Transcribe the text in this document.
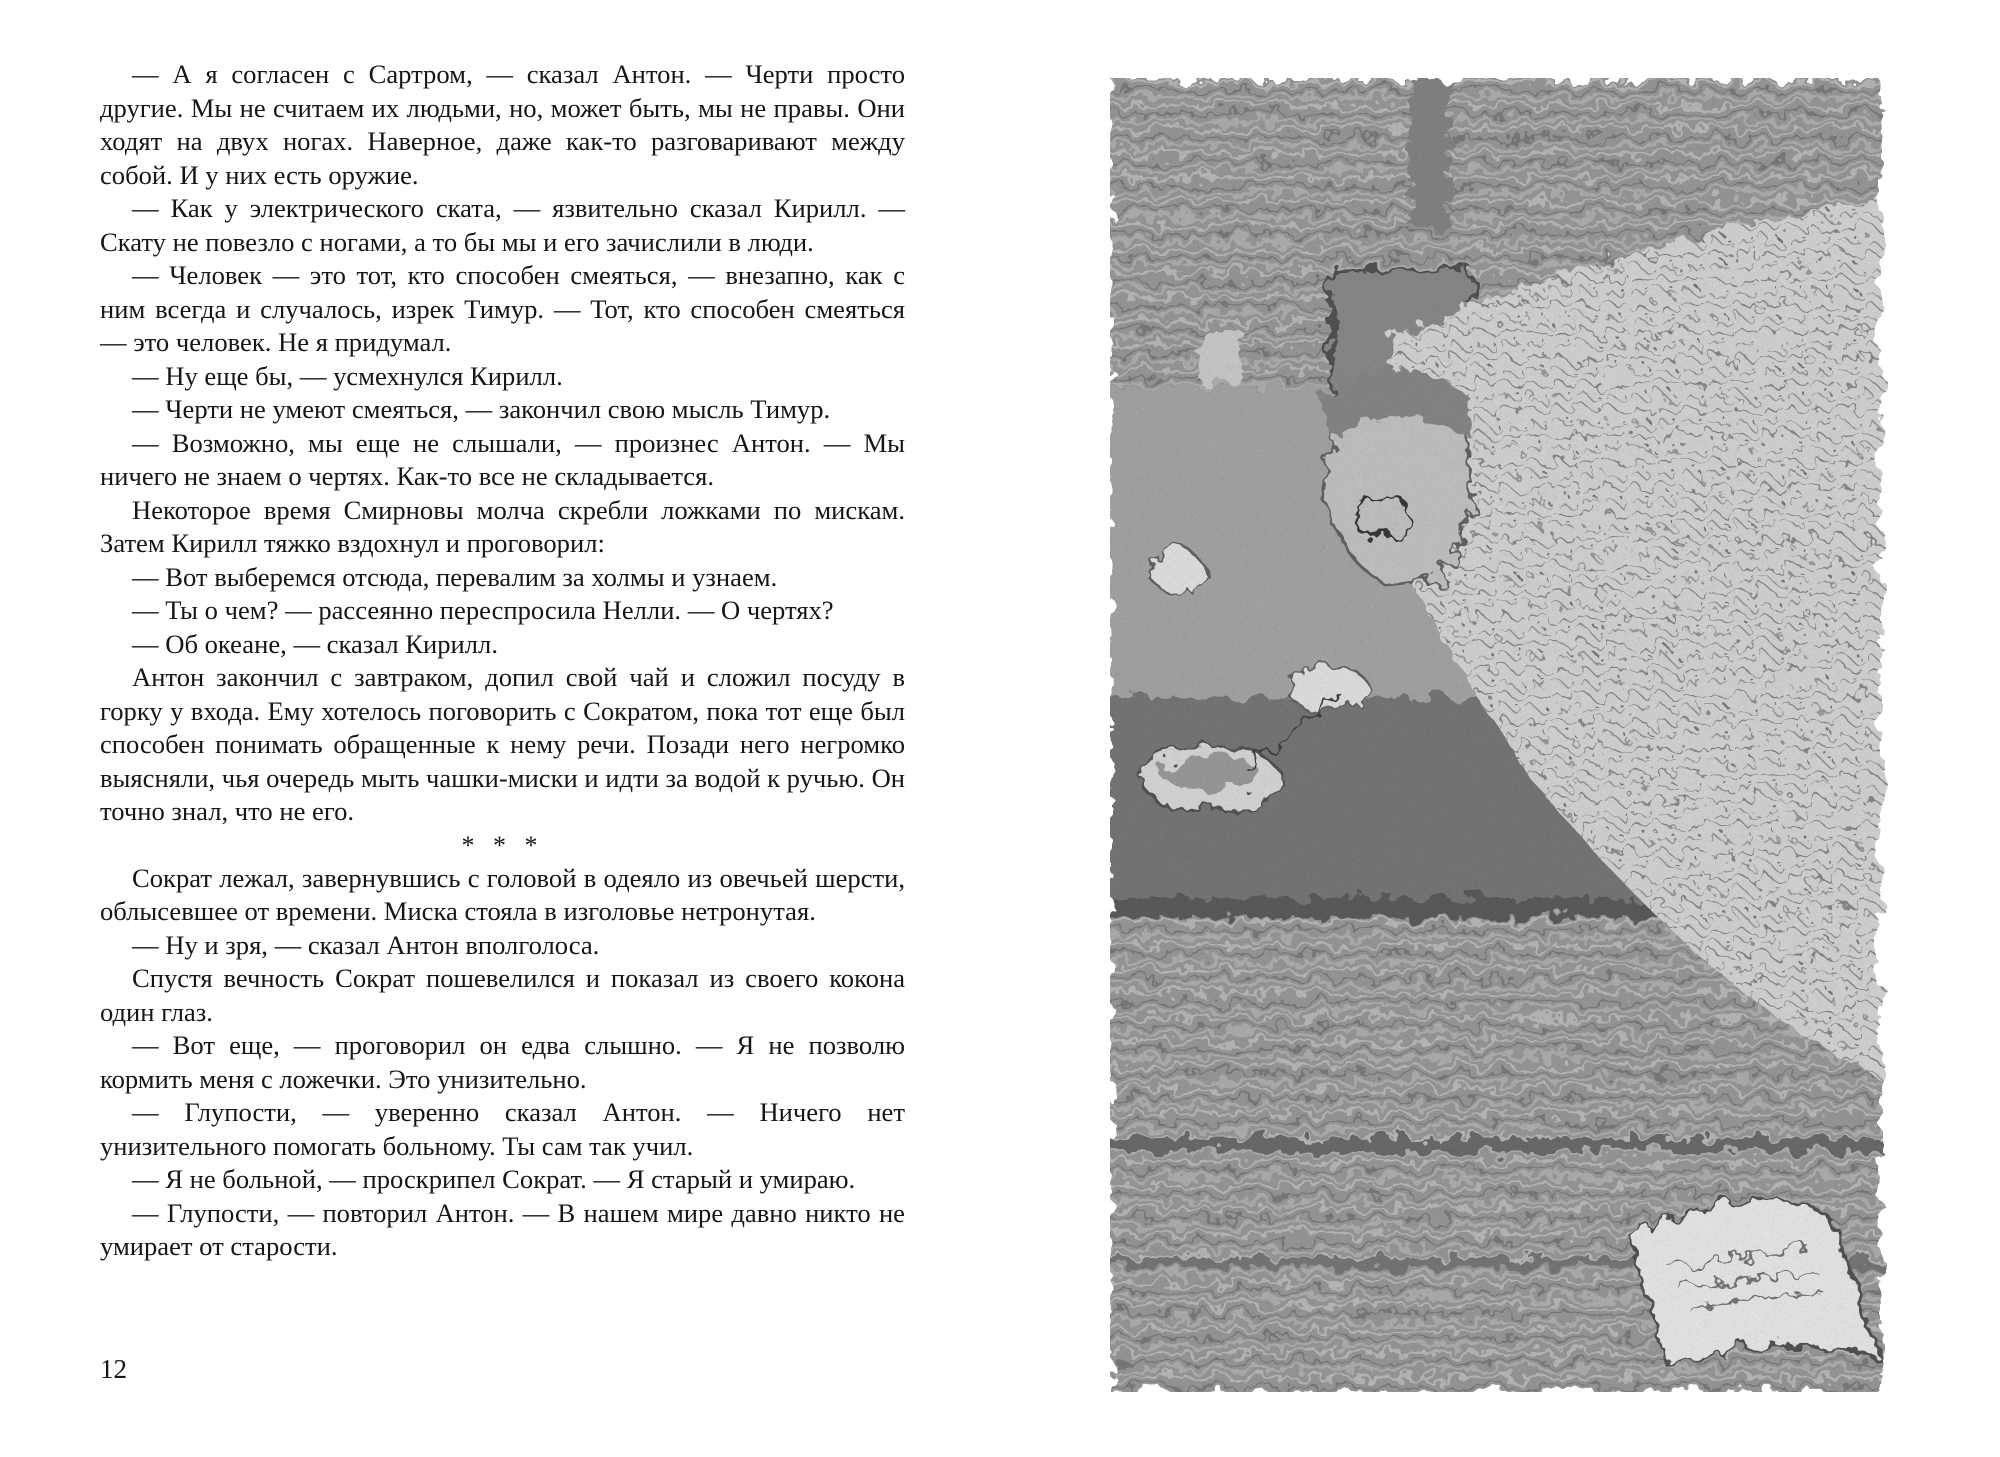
— А я согласен с Сартром, — сказал Антон. — Черти просто другие. Мы не считаем их людьми, но, может быть, мы не правы. Они ходят на двух ногах. Наверное, даже как-то разговаривают между собой. И у них есть оружие.

— Как у электрического ската, — язвительно сказал Кирилл. — Скату не повезло с ногами, а то бы мы и его зачислили в люди.

— Человек — это тот, кто способен смеяться, — внезапно, как с ним всегда и случалось, изрек Тимур. — Тот, кто способен смеяться — это человек. Не я придумал.

— Ну еще бы, — усмехнулся Кирилл.

— Черти не умеют смеяться, — закончил свою мысль Тимур.

— Возможно, мы еще не слышали, — произнес Антон. — Мы ничего не знаем о чертях. Как-то все не складывается.

Некоторое время Смирновы молча скребли ложками по мискам. Затем Кирилл тяжко вздохнул и проговорил:

— Вот выберемся отсюда, перевалим за холмы и узнаем.

— Ты о чем? — рассеянно переспросила Нелли. — О чертях?

— Об океане, — сказал Кирилл.

Антон закончил с завтраком, допил свой чай и сложил посуду в горку у входа. Ему хотелось поговорить с Сократом, пока тот еще был способен понимать обращенные к нему речи. Позади него негромко выясняли, чья очередь мыть чашки-миски и идти за водой к ручью. Он точно знал, что не его.

* * *

Сократ лежал, завернувшись с головой в одеяло из овечьей шерсти, облысевшее от времени. Миска стояла в изголовье нетронутая.

— Ну и зря, — сказал Антон вполголоса.

Спустя вечность Сократ пошевелился и показал из своего кокона один глаз.

— Вот еще, — проговорил он едва слышно. — Я не позволю кормить меня с ложечки. Это унизительно.

— Глупости, — уверенно сказал Антон. — Ничего нет унизительного помогать больному. Ты сам так учил.

— Я не больной, — проскрипел Сократ. — Я старый и умираю.

— Глупости, — повторил Антон. — В нашем мире давно никто не умирает от старости.

12
